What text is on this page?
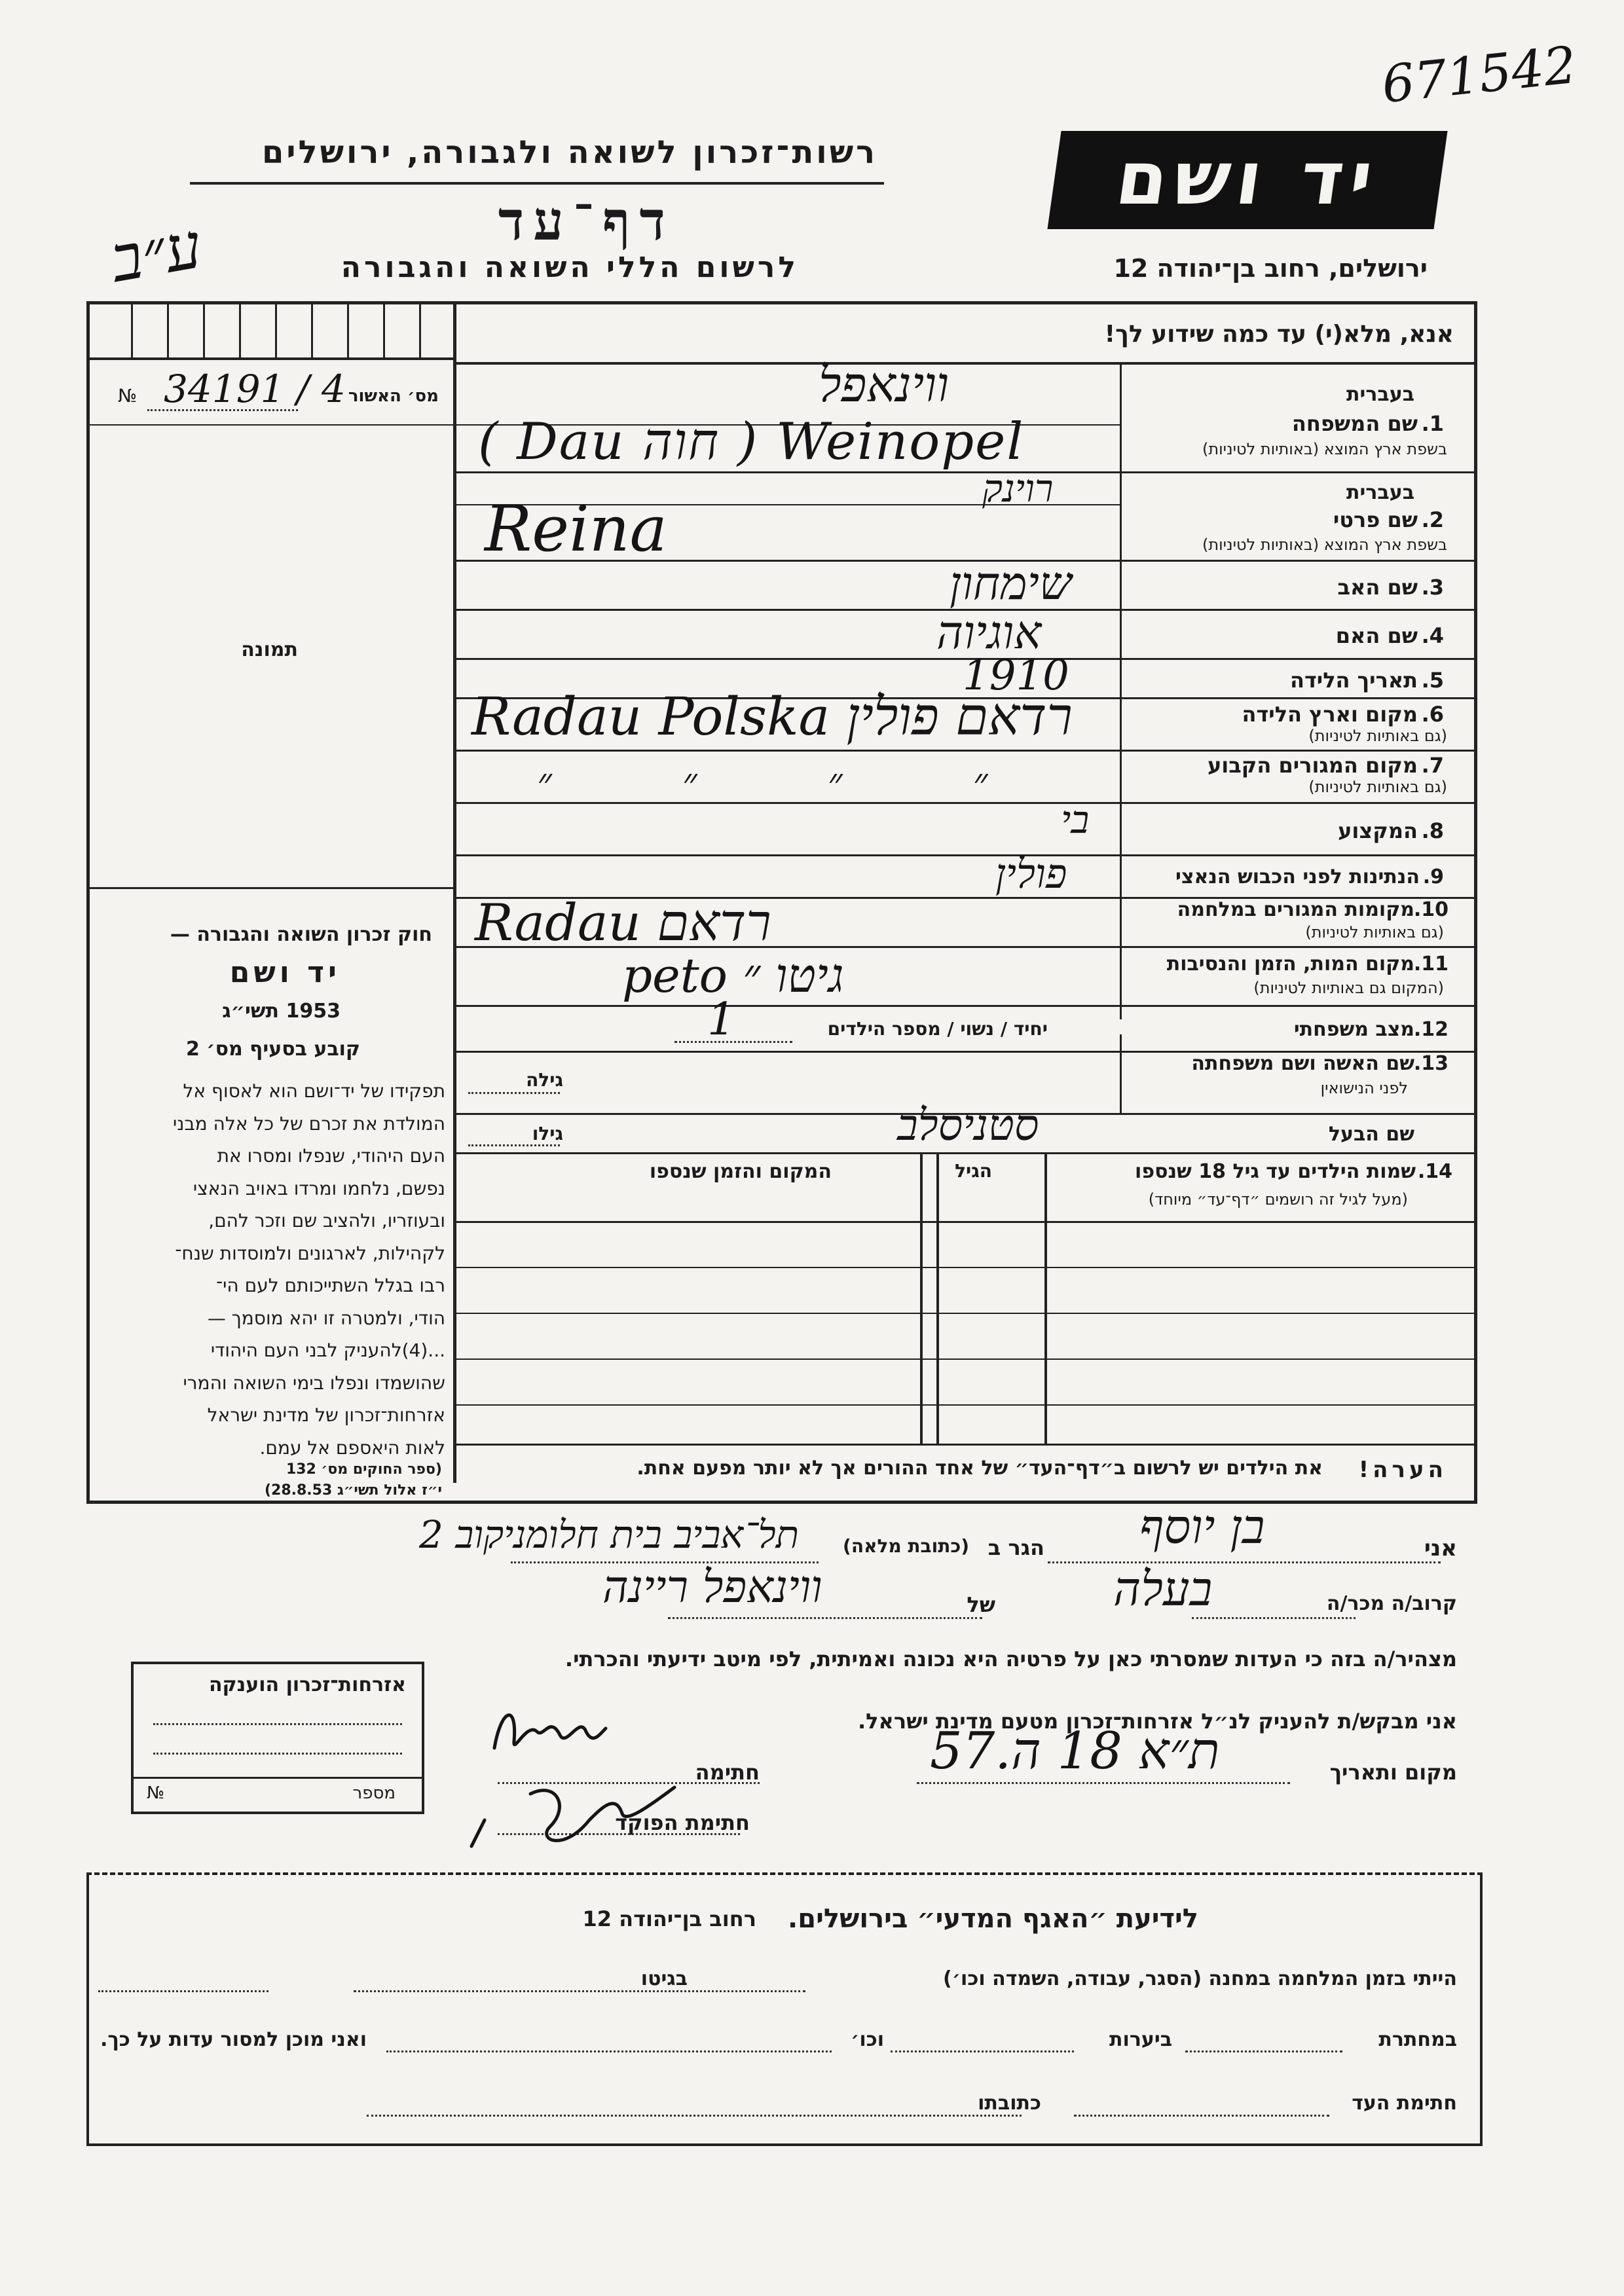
671542
רשות־זכרון לשואה ולגבורה, ירושלים
דף־עד
לרשום הללי השואה והגבורה
יד ושם
ירושלים, רחוב בן־יהודה 12
ע״ב
אנא, מלא(י) עד כמה שידוע לך!
מס׳ האשור
№ 34191 / 4
תמונה
חוק זכרון השואה והגבורה —
יד ושם
1953 תשי״ג
קובע בסעיף מס׳ 2
תפקידו של יד־ושם הוא לאסוף אל
המולדת את זכרם של כל אלה מבני
העם היהודי, שנפלו ומסרו את
נפשם, נלחמו ומרדו באויב הנאצי
ובעוזריו, ולהציב שם וזכר להם,
לקהילות, לארגונים ולמוסדות שנח־
רבו בגלל השתייכותם לעם הי־
הודי, ולמטרה זו יהא מוסמך —
...(4)להעניק לבני העם היהודי
שהושמדו ונפלו בימי השואה והמרי
אזרחות־זכרון של מדינת ישראל
לאות היאספם אל עמם.
(ספר החוקים מס׳ 132
י״ז אלול תשי״ג 28.8.53)
1.
שם המשפחה
בעברית
בשפת ארץ המוצא (באותיות לטיניות)
ווינאפל
( Dau חוה ) Weinopel
2.
שם פרטי
בעברית
בשפת ארץ המוצא (באותיות לטיניות)
רוינק
Reina
3.
שם האב
שימחון
4.
שם האם
אוגיוה
5.
תאריך הלידה
1910
6.
מקום וארץ הלידה
(גם באותיות לטיניות)
Radau Polska רדאם פולין
7.
מקום המגורים הקבוע
(גם באותיות לטיניות)
״ ״ ״ ״
8.
המקצוע
בי
9.
הנתינות לפני הכבוש הנאצי
פולין
10.
מקומות המגורים במלחמה
(גם באותיות לטיניות)
Radau רדאם
11.
מקום המות, הזמן והנסיבות
(המקום גם באותיות לטיניות)
peto גיטו ״
12.
מצב משפחתי
יחיד / נשוי / מספר הילדים
1
13.
שם האשה ושם משפחתה
לפני הנישואין
גילה
שם הבעל
גילו	סטניסלב
14.
שמות הילדים עד גיל 18 שנספו
(מעל לגיל זה רושמים ״דף־עד״ מיוחד)
הגיל
המקום והזמן שנספו
הערה!
את הילדים יש לרשום ב״דף־העד״ של אחד ההורים אך לא יותר מפעם אחת.
אני
בן יוסף
הגר ב
(כתובת מלאה)
תל־אביב בית חלומניקוב 2
קרוב/ה מכר/ה
בעלה
של
ווינאפל ריינה
מצהיר/ה בזה כי העדות שמסרתי כאן על פרטיה היא נכונה ואמיתית, לפי מיטב ידיעתי והכרתי.
אני מבקש/ת להעניק לנ״ל אזרחות־זכרון מטעם מדינת ישראל.
מקום ותאריך
ת״א 18 ה.57
חתימה
חתימת הפוקד
אזרחות־זכרון הוענקה
מספר
№
לידיעת ״האגף המדעי״ בירושלים.
רחוב בן־יהודה 12
הייתי בזמן המלחמה במחנה (הסגר, עבודה, השמדה וכו׳)
בגיטו
במחתרת
ביערות
וכו׳
ואני מוכן למסור עדות על כך.
חתימת העד
כתובתו
